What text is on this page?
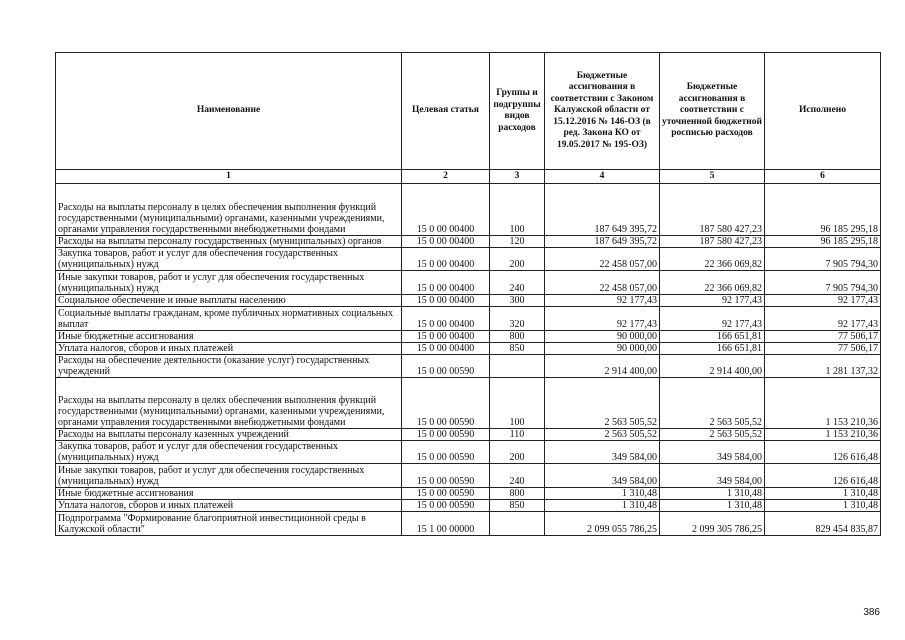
Наименование	Целевая статья	Группы и подгруппы видов расходов	Бюджетные ассигнования в соответствии с Законом Калужской области от 15.12.2016 № 146-ОЗ (в ред. Закона КО от 19.05.2017 № 195-ОЗ)	Бюджетные ассигнования в соответствии с уточненной бюджетной росписью расходов	Исполнено
1	2	3	4	5	6
Расходы на выплаты персоналу в целях обеспечения выполнения функций государственными (муниципальными) органами, казенными учреждениями, органами управления государственными внебюджетными фондами	15 0 00 00400	100	187 649 395,72	187 580 427,23	96 185 295,18
Расходы на выплаты персоналу государственных (муниципальных) органов	15 0 00 00400	120	187 649 395,72	187 580 427,23	96 185 295,18
Закупка товаров, работ и услуг для обеспечения государственных (муниципальных) нужд	15 0 00 00400	200	22 458 057,00	22 366 069,82	7 905 794,30
Иные закупки товаров, работ и услуг для обеспечения государственных (муниципальных) нужд	15 0 00 00400	240	22 458 057,00	22 366 069,82	7 905 794,30
Социальное обеспечение и иные выплаты населению	15 0 00 00400	300	92 177,43	92 177,43	92 177,43
Социальные выплаты гражданам, кроме публичных нормативных социальных выплат	15 0 00 00400	320	92 177,43	92 177,43	92 177,43
Иные бюджетные ассигнования	15 0 00 00400	800	90 000,00	166 651,81	77 506,17
Уплата налогов, сборов и иных платежей	15 0 00 00400	850	90 000,00	166 651,81	77 506,17
Расходы на обеспечение деятельности (оказание услуг) государственных учреждений	15 0 00 00590		2 914 400,00	2 914 400,00	1 281 137,32
Расходы на выплаты персоналу в целях обеспечения выполнения функций государственными (муниципальными) органами, казенными учреждениями, органами управления государственными внебюджетными фондами	15 0 00 00590	100	2 563 505,52	2 563 505,52	1 153 210,36
Расходы на выплаты персоналу казенных учреждений	15 0 00 00590	110	2 563 505,52	2 563 505,52	1 153 210,36
Закупка товаров, работ и услуг для обеспечения государственных (муниципальных) нужд	15 0 00 00590	200	349 584,00	349 584,00	126 616,48
Иные закупки товаров, работ и услуг для обеспечения государственных (муниципальных) нужд	15 0 00 00590	240	349 584,00	349 584,00	126 616,48
Иные бюджетные ассигнования	15 0 00 00590	800	1 310,48	1 310,48	1 310,48
Уплата налогов, сборов и иных платежей	15 0 00 00590	850	1 310,48	1 310,48	1 310,48
Подпрограмма "Формирование благоприятной инвестиционной среды в Калужской области"	15 1 00 00000		2 099 055 786,25	2 099 305 786,25	829 454 835,87
386
